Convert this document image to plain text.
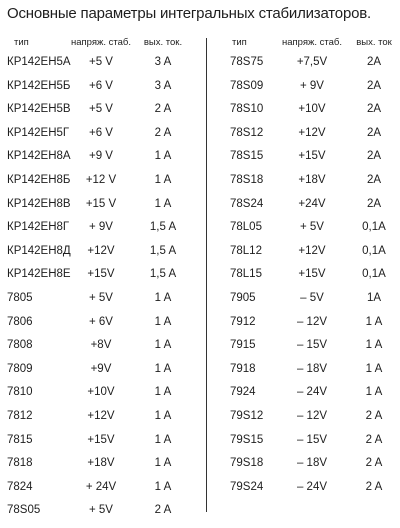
Основные параметры интегральных стабилизаторов.
тип	напряж. стаб.	вых. ток.
КР142ЕН5А	+5 V	3 A
КР142ЕН5Б	+6 V	3 A
КР142ЕН5В	+5 V	2 A
КР142ЕН5Г	+6 V	2 A
КР142ЕН8А	+9 V	1 A
КР142ЕН8Б	+12 V	1 A
КР142ЕН8В	+15 V	1 A
КР142ЕН8Г	+ 9V	1,5 A
КР142ЕН8Д	+12V	1,5 A
КР142ЕН8Е	+15V	1,5 A
7805	+ 5V	1 A
7806	+ 6V	1 A
7808	+8V	1 A
7809	+9V	1 A
7810	+10V	1 A
7812	+12V	1 A
7815	+15V	1 A
7818	+18V	1 A
7824	+ 24V	1 A
78S05	+ 5V	2 A
тип	напряж. стаб.	вых. ток
78S75	+7,5V	2A
78S09	+ 9V	2A
78S10	+10V	2A
78S12	+12V	2A
78S15	+15V	2A
78S18	+18V	2A
78S24	+24V	2A
78L05	+ 5V	0,1A
78L12	+12V	0,1A
78L15	+15V	0,1A
7905	– 5V	1A
7912	– 12V	1 A
7915	– 15V	1 A
7918	– 18V	1 A
7924	– 24V	1 A
79S12	– 12V	2 A
79S15	– 15V	2 A
79S18	– 18V	2 A
79S24	– 24V	2 A
